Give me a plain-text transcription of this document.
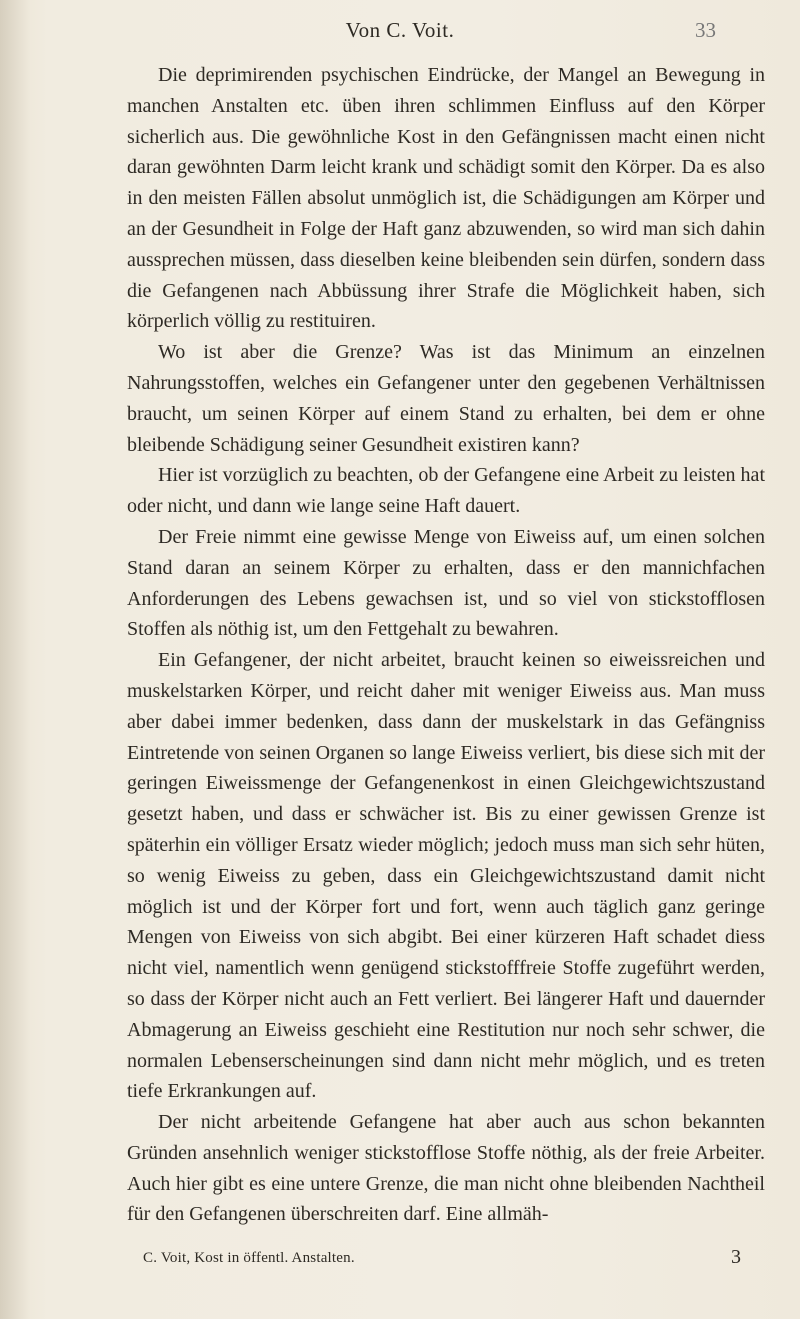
Von C. Voit.	33

Die deprimirenden psychischen Eindrücke, der Mangel an Bewegung in manchen Anstalten etc. üben ihren schlimmen Einfluss auf den Körper sicherlich aus. Die gewöhnliche Kost in den Gefängnissen macht einen nicht daran gewöhnten Darm leicht krank und schädigt somit den Körper. Da es also in den meisten Fällen absolut unmöglich ist, die Schädigungen am Körper und an der Gesundheit in Folge der Haft ganz abzuwenden, so wird man sich dahin aussprechen müssen, dass dieselben keine bleibenden sein dürfen, sondern dass die Gefangenen nach Abbüssung ihrer Strafe die Möglichkeit haben, sich körperlich völlig zu restituiren.

Wo ist aber die Grenze? Was ist das Minimum an einzelnen Nahrungsstoffen, welches ein Gefangener unter den gegebenen Verhältnissen braucht, um seinen Körper auf einem Stand zu erhalten, bei dem er ohne bleibende Schädigung seiner Gesundheit existiren kann?

Hier ist vorzüglich zu beachten, ob der Gefangene eine Arbeit zu leisten hat oder nicht, und dann wie lange seine Haft dauert.

Der Freie nimmt eine gewisse Menge von Eiweiss auf, um einen solchen Stand daran an seinem Körper zu erhalten, dass er den mannichfachen Anforderungen des Lebens gewachsen ist, und so viel von stickstofflosen Stoffen als nöthig ist, um den Fettgehalt zu bewahren.

Ein Gefangener, der nicht arbeitet, braucht keinen so eiweissreichen und muskelstarken Körper, und reicht daher mit weniger Eiweiss aus. Man muss aber dabei immer bedenken, dass dann der muskelstark in das Gefängniss Eintretende von seinen Organen so lange Eiweiss verliert, bis diese sich mit der geringen Eiweissmenge der Gefangenenkost in einen Gleichgewichtszustand gesetzt haben, und dass er schwächer ist. Bis zu einer gewissen Grenze ist späterhin ein völliger Ersatz wieder möglich; jedoch muss man sich sehr hüten, so wenig Eiweiss zu geben, dass ein Gleichgewichtszustand damit nicht möglich ist und der Körper fort und fort, wenn auch täglich ganz geringe Mengen von Eiweiss von sich abgibt. Bei einer kürzeren Haft schadet diess nicht viel, namentlich wenn genügend stickstofffreie Stoffe zugeführt werden, so dass der Körper nicht auch an Fett verliert. Bei längerer Haft und dauernder Abmagerung an Eiweiss geschieht eine Restitution nur noch sehr schwer, die normalen Lebenserscheinungen sind dann nicht mehr möglich, und es treten tiefe Erkrankungen auf.

Der nicht arbeitende Gefangene hat aber auch aus schon bekannten Gründen ansehnlich weniger stickstofflose Stoffe nöthig, als der freie Arbeiter. Auch hier gibt es eine untere Grenze, die man nicht ohne bleibenden Nachtheil für den Gefangenen überschreiten darf. Eine allmäh-

C. Voit, Kost in öffentl. Anstalten.	3
